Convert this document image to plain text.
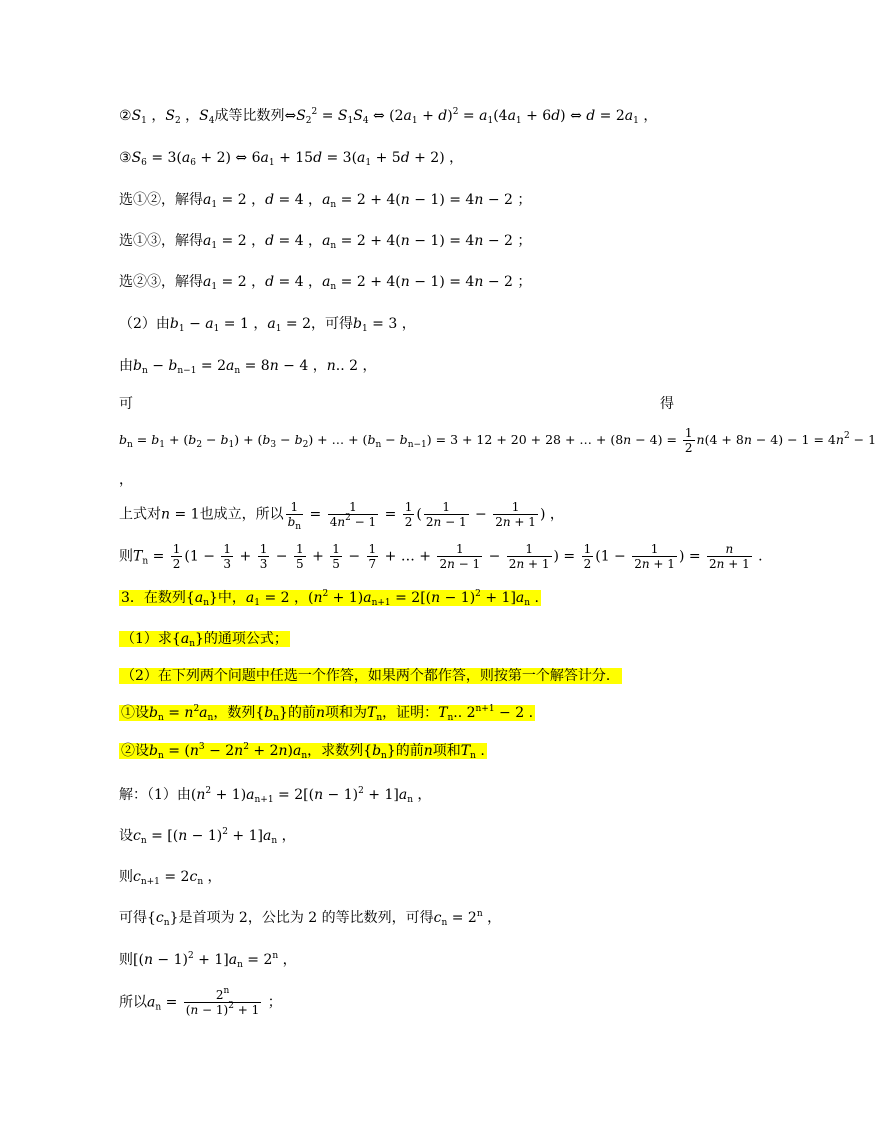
$②S_1$ ，$S_2$ ，$S_4$成等比数列$\Leftrightarrow S_2^2 = S_1S_4$ ⇔ $(2a_1 + d)^2 = a_1(4a_1 + 6d)$ ⇔ $d = 2a_1$ ，
$③S_6 = 3(a_6 + 2)$ ⇔ $6a_1 + 15d = 3(a_1 + 5d + 2)$ ，
选①②，解得$a_1 = 2$ ，d = 4 ，$a_n = 2 + 4(n - 1) = 4n - 2$ ；
选①③，解得$a_1 = 2$ ，d = 4 ，$a_n = 2 + 4(n - 1) = 4n - 2$ ；
选②③，解得$a_1 = 2$ ，d = 4 ，$a_n = 2 + 4(n - 1) = 4n - 2$ ；
（2）由$b_1 - a_1 = 1$ ，$a_1 = 2$，可得$b_1 = 3$ ，
由$b_n - b_{n-1} = 2a_n = 8n - 4$ ，n.. 2 ，
可	得
$b_n = b_1 + (b_2 - b_1) + (b_3 - b_2)$ + … + $(b_n - b_{n-1}) = 3 + 12 + 20 + 28$ + … + $(8n - 4) = \frac{1}{2} n(4 + 8n - 4) - 1 = 4n^2 - 1$
，
上式对n = 1也成立，所以 $\frac{1}{b_n} = \frac{1}{4n^2 - 1} = \frac{1}{2}$ ( $\frac{1}{2n - 1} - \frac{1}{2n + 1}$ ) ，
则$T_n = \frac{1}{2} (1 - \frac{1}{3} + \frac{1}{3} - \frac{1}{5} + \frac{1}{5} - \frac{1}{7}$ + … + $\frac{1}{2n - 1} - \frac{1}{2n + 1}$ ) = $\frac{1}{2} (1 - \frac{1}{2n + 1}$ ) = $\frac{n}{2n + 1}$ .
3．在数列$\{a_n\}$中，$a_1 = 2$ ，$(n^2 + 1)a_{n+1} = 2[(n - 1)^2 + 1]a_n$ .
（1）求$\{a_n\}$的通项公式；
（2）在下列两个问题中任选一个作答，如果两个都作答，则按第一个解答计分．
①设$b_n = n^2a_n$，数列$\{b_n\}$的前n项和为$T_n$，证明：$T_n$.. $2^{n+1} - 2$ .
②设$b_n = (n^3 - 2n^2 + 2n)a_n$，求数列$\{b_n\}$的前n项和$T_n$ .
解：（1）由$(n^2 + 1)a_{n+1} = 2[(n - 1)^2 + 1]a_n$ ，
设$c_n = [(n - 1)^2 + 1]a_n$ ，
则$c_{n+1} = 2c_n$ ，
可得$\{c_n\}$是首项为 2，公比为 2 的等比数列，可得$c_n = 2^n$ ，
则$[(n - 1)^2 + 1]a_n = 2^n$ ，
所以$a_n = \frac{2^n}{(n - 1)^2 + 1}$ ；
